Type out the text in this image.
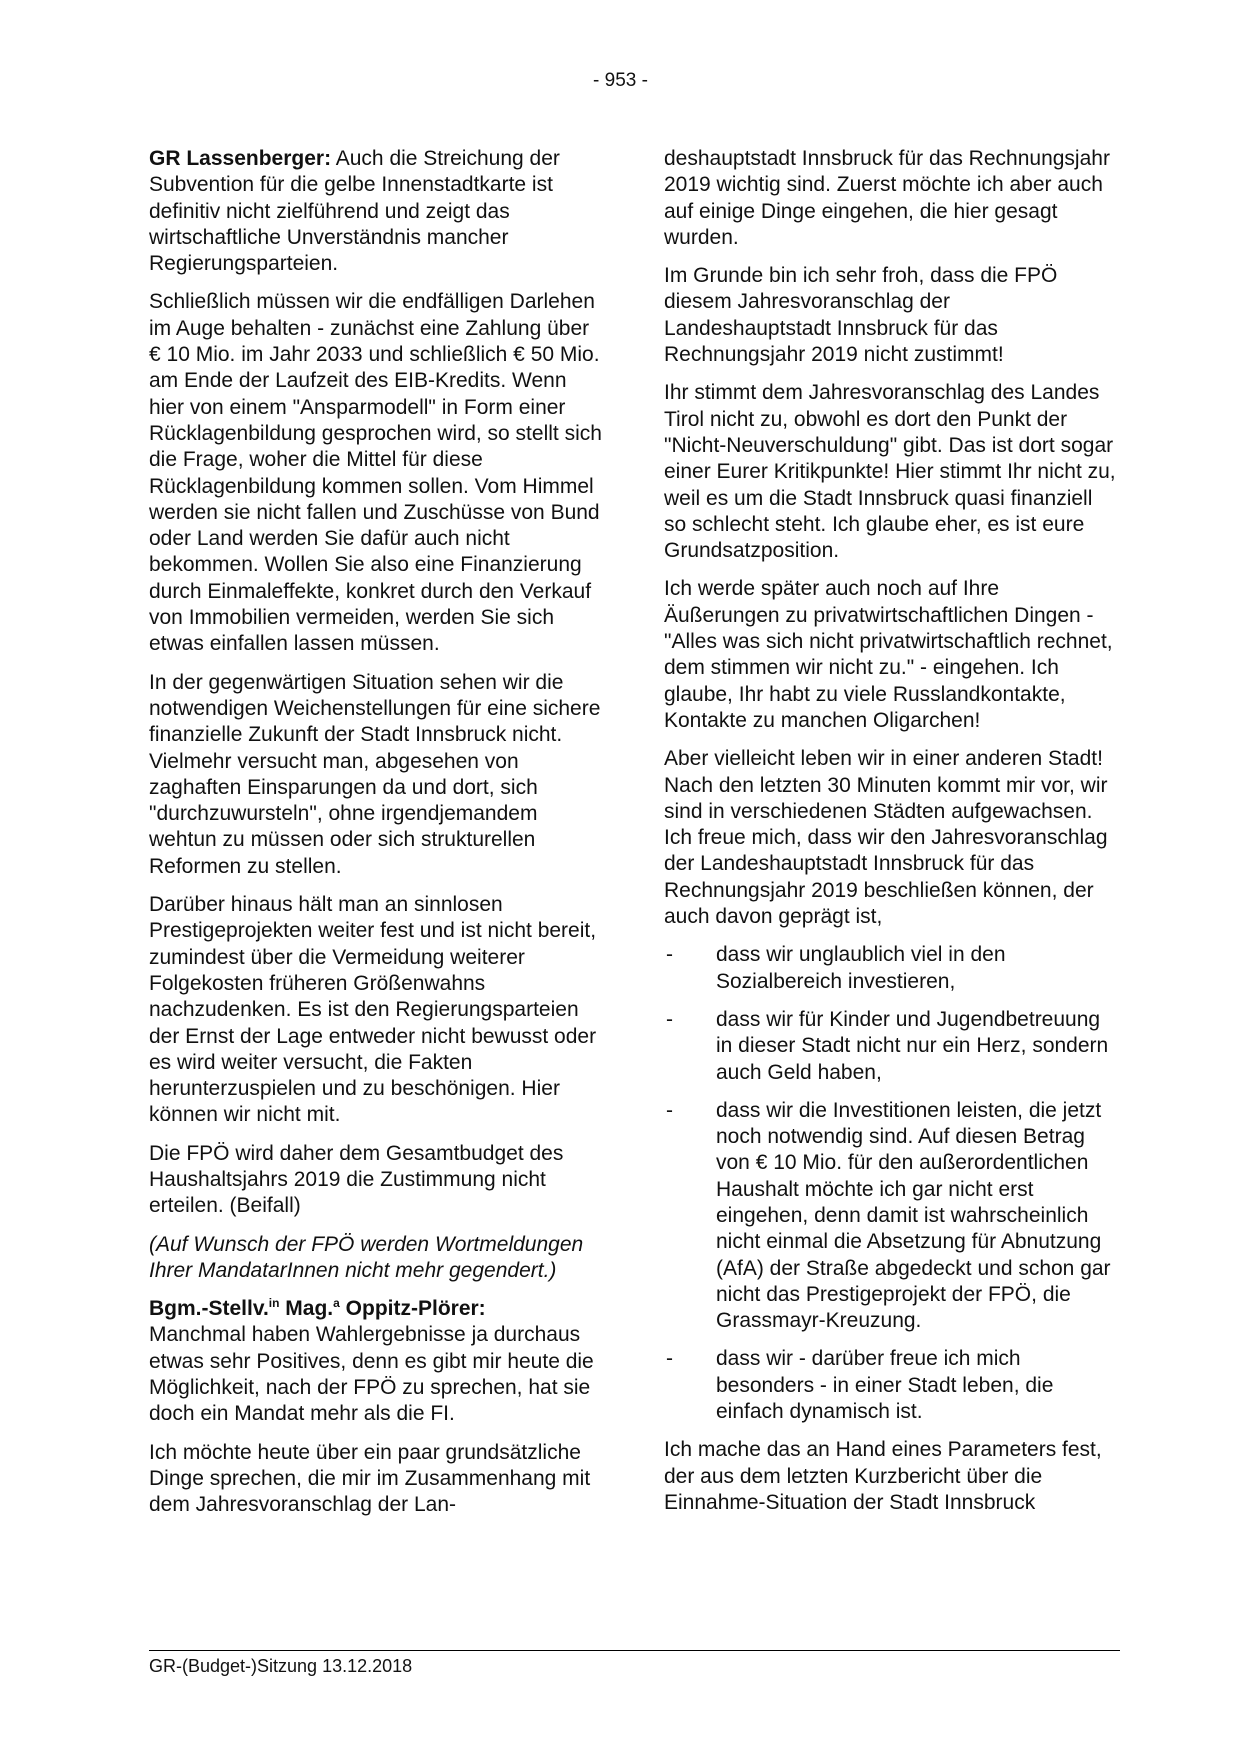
- 953 -

GR Lassenberger: Auch die Streichung der Subvention für die gelbe Innenstadtkarte ist definitiv nicht zielführend und zeigt das wirtschaftliche Unverständnis mancher Regierungsparteien.

Schließlich müssen wir die endfälligen Darlehen im Auge behalten - zunächst eine Zahlung über € 10 Mio. im Jahr 2033 und schließlich € 50 Mio. am Ende der Laufzeit des EIB-Kredits. Wenn hier von einem "Ansparmodell" in Form einer Rücklagenbildung gesprochen wird, so stellt sich die Frage, woher die Mittel für diese Rücklagenbildung kommen sollen. Vom Himmel werden sie nicht fallen und Zuschüsse von Bund oder Land werden Sie dafür auch nicht bekommen. Wollen Sie also eine Finanzierung durch Einmaleffekte, konkret durch den Verkauf von Immobilien vermeiden, werden Sie sich etwas einfallen lassen müssen.

In der gegenwärtigen Situation sehen wir die notwendigen Weichenstellungen für eine sichere finanzielle Zukunft der Stadt Innsbruck nicht. Vielmehr versucht man, abgesehen von zaghaften Einsparungen da und dort, sich "durchzuwursteln", ohne irgendjemandem wehtun zu müssen oder sich strukturellen Reformen zu stellen.

Darüber hinaus hält man an sinnlosen Prestigeprojekten weiter fest und ist nicht bereit, zumindest über die Vermeidung weiterer Folgekosten früheren Größenwahns nachzudenken. Es ist den Regierungsparteien der Ernst der Lage entweder nicht bewusst oder es wird weiter versucht, die Fakten herunterzuspielen und zu beschönigen. Hier können wir nicht mit.

Die FPÖ wird daher dem Gesamtbudget des Haushaltsjahrs 2019 die Zustimmung nicht erteilen. (Beifall)

(Auf Wunsch der FPÖ werden Wortmeldungen Ihrer MandatarInnen nicht mehr gegendert.)

Bgm.-Stellv.$^{in}$ Mag.$^a$ Oppitz-Plörer:
Manchmal haben Wahlergebnisse ja durchaus etwas sehr Positives, denn es gibt mir heute die Möglichkeit, nach der FPÖ zu sprechen, hat sie doch ein Mandat mehr als die FI.

Ich möchte heute über ein paar grundsätzliche Dinge sprechen, die mir im Zusammenhang mit dem Jahresvoranschlag der Lan-

deshauptstadt Innsbruck für das Rechnungsjahr 2019 wichtig sind. Zuerst möchte ich aber auch auf einige Dinge eingehen, die hier gesagt wurden.

Im Grunde bin ich sehr froh, dass die FPÖ diesem Jahresvoranschlag der Landeshauptstadt Innsbruck für das Rechnungsjahr 2019 nicht zustimmt!

Ihr stimmt dem Jahresvoranschlag des Landes Tirol nicht zu, obwohl es dort den Punkt der "Nicht-Neuverschuldung" gibt. Das ist dort sogar einer Eurer Kritikpunkte! Hier stimmt Ihr nicht zu, weil es um die Stadt Innsbruck quasi finanziell so schlecht steht. Ich glaube eher, es ist eure Grundsatzposition.

Ich werde später auch noch auf Ihre Äußerungen zu privatwirtschaftlichen Dingen - "Alles was sich nicht privatwirtschaftlich rechnet, dem stimmen wir nicht zu." - eingehen. Ich glaube, Ihr habt zu viele Russlandkontakte, Kontakte zu manchen Oligarchen!

Aber vielleicht leben wir in einer anderen Stadt! Nach den letzten 30 Minuten kommt mir vor, wir sind in verschiedenen Städten aufgewachsen. Ich freue mich, dass wir den Jahresvoranschlag der Landeshauptstadt Innsbruck für das Rechnungsjahr 2019 beschließen können, der auch davon geprägt ist,

- dass wir unglaublich viel in den Sozialbereich investieren,
- dass wir für Kinder und Jugendbetreuung in dieser Stadt nicht nur ein Herz, sondern auch Geld haben,
- dass wir die Investitionen leisten, die jetzt noch notwendig sind. Auf diesen Betrag von € 10 Mio. für den außerordentlichen Haushalt möchte ich gar nicht erst eingehen, denn damit ist wahrscheinlich nicht einmal die Absetzung für Abnutzung (AfA) der Straße abgedeckt und schon gar nicht das Prestigeprojekt der FPÖ, die Grassmayr-Kreuzung.
- dass wir - darüber freue ich mich besonders - in einer Stadt leben, die einfach dynamisch ist.

Ich mache das an Hand eines Parameters fest, der aus dem letzten Kurzbericht über die Einnahme-Situation der Stadt Innsbruck

GR-(Budget-)Sitzung 13.12.2018
